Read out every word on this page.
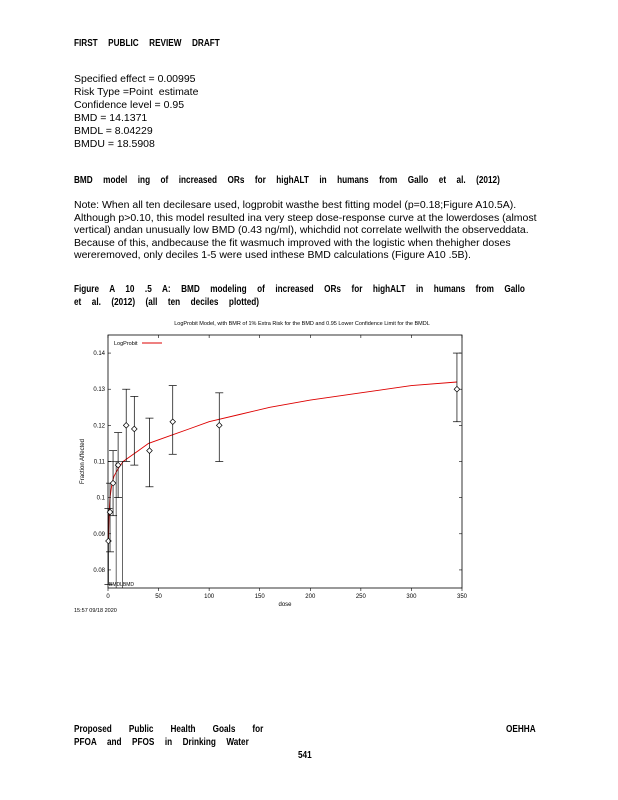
FIRST PUBLIC REVIEW DRAFT
Specified effect = 0.00995
Risk Type =Point  estimate
Confidence level = 0.95
BMD = 14.1371
BMDL = 8.04229
BMDU = 18.5908
BMD model ing of increased ORs for highALT in humans from Gallo et al. (2012)
Note: When all ten decilesare used, logprobit wasthe best fitting model (p=0.18;Figure A10.5A). Although p>0.10, this model resulted ina very steep dose-response curve at the lowerdoses (almost vertical) andan unusually low BMD (0.43 ng/ml), whichdid not correlate wellwith the observeddata. Because of this, andbecause the fit wasmuch improved with the logistic when thehigher doses wereremoved, only deciles 1-5 were used inthese BMD calculations (Figure A10 .5B).
Figure A 10 .5 A: BMD modeling of increased ORs for highALT in humans from Gallo et al. (2012) (all ten deciles plotted)
LogProbit Model, with BMR of 1% Extra Risk for the BMD and 0.95 Lower Confidence Limit for the BMDL
0	50	100	150	200	250	300	350
0.08
0.09
0.1
0.11
0.12
0.13
0.14
LogProbit
Fraction Affected
dose
15:57 09/18 2020
BMDLBMD
Proposed Public Health Goals for
PFOA and PFOS in Drinking Water
OEHHA
541
